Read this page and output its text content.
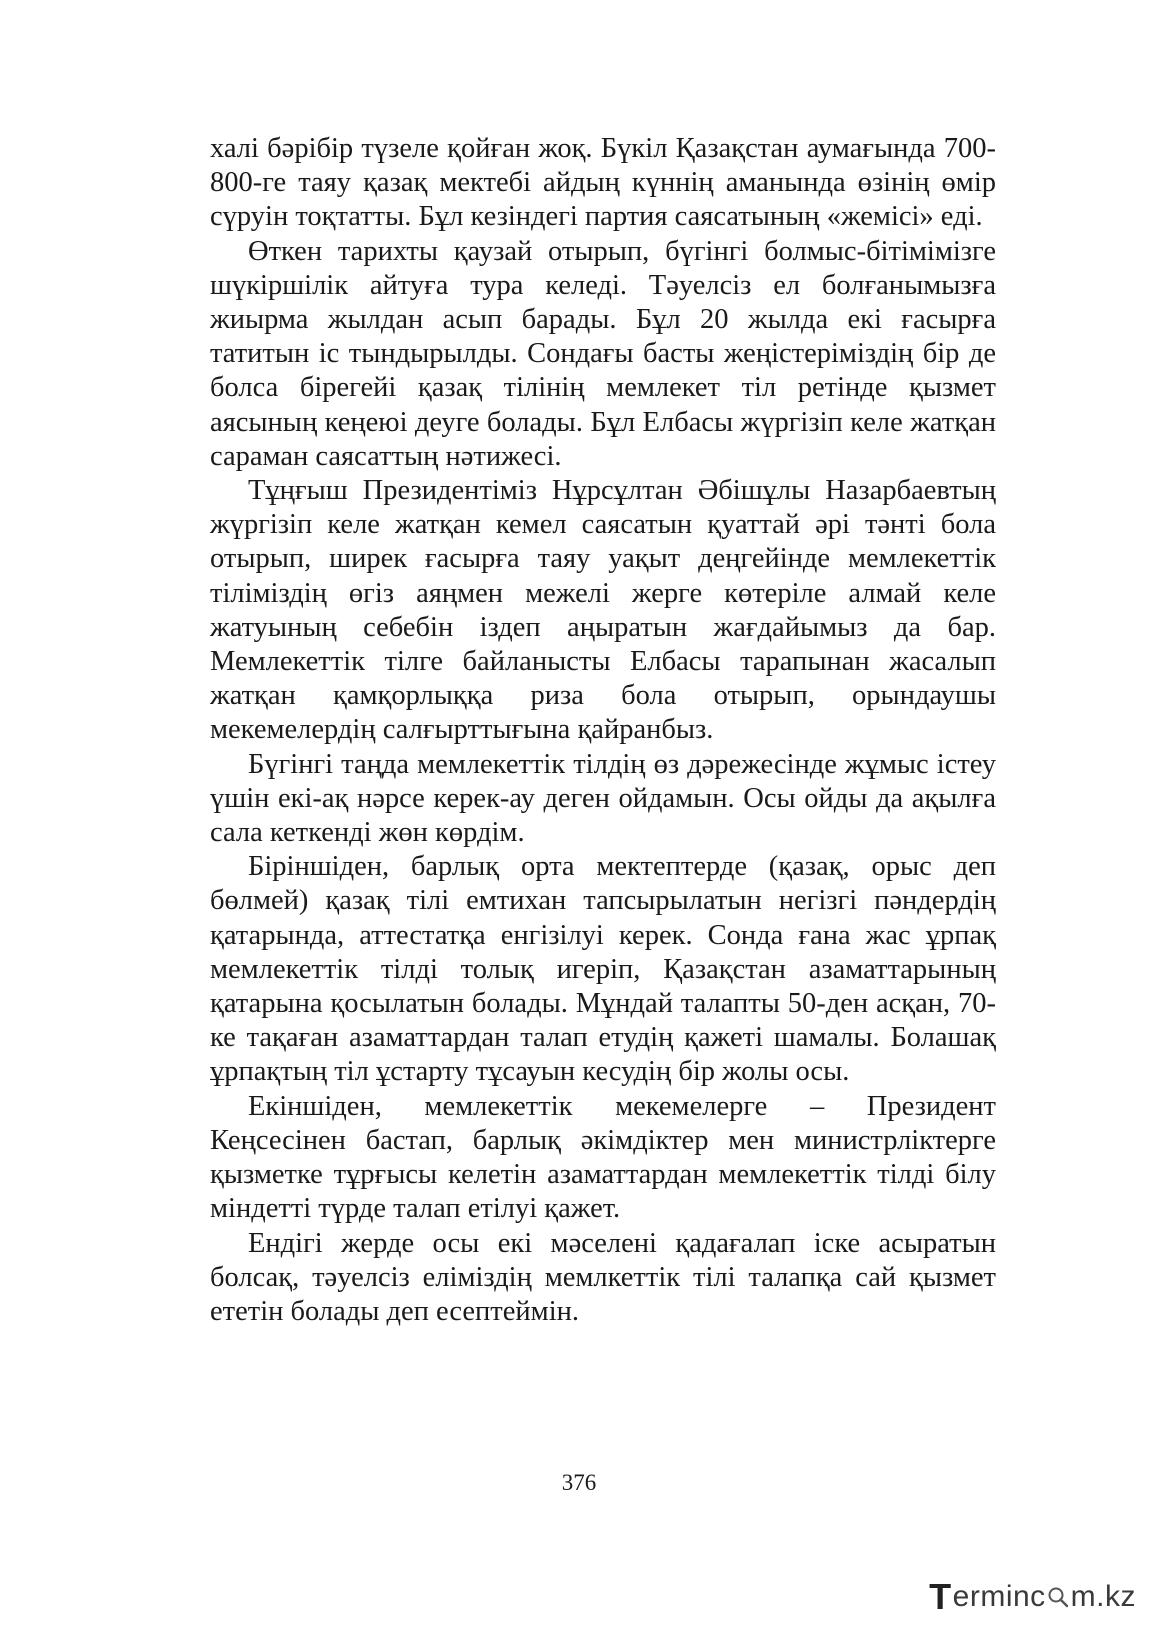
халі бәрібір түзеле қойған жоқ. Бүкіл Қазақстан аумағында 700-800-ге таяу қазақ мектебі айдың күннің аманында өзінің өмір сүруін тоқтатты. Бұл кезіндегі партия саясатының «жемісі» еді.

Өткен тарихты қаузай отырып, бүгінгі болмыс-бітімімізге шүкіршілік айтуға тура келеді. Тәуелсіз ел болғанымызға жиырма жылдан асып барады. Бұл 20 жылда екі ғасырға татитын іс тындырылды. Сондағы басты жеңістеріміздің бір де болса бірегейі қазақ тілінің мемлекет тіл ретінде қызмет аясының кеңеюі деуге болады. Бұл Елбасы жүргізіп келе жатқан сараман саясаттың нәтижесі.

Тұңғыш Президентіміз Нұрсұлтан Әбішұлы Назарбаевтың жүргізіп келе жатқан кемел саясатын қуаттай әрі тәнті бола отырып, ширек ғасырға таяу уақыт деңгейінде мемлекеттік тіліміздің өгіз аяңмен межелі жерге көтеріле алмай келе жатуының себебін іздеп аңыратын жағдайымыз да бар. Мемлекеттік тілге байланысты Елбасы тарапынан жасалып жатқан қамқорлыққа риза бола отырып, орындаушы мекемелердің салғырттығына қайранбыз.

Бүгінгі таңда мемлекеттік тілдің өз дәрежесінде жұмыс істеу үшін екі-ақ нәрсе керек-ау деген ойдамын. Осы ойды да ақылға сала кеткенді жөн көрдім.

Біріншіден, барлық орта мектептерде (қазақ, орыс деп бөлмей) қазақ тілі емтихан тапсырылатын негізгі пәндердің қатарында, аттестатқа енгізілуі керек. Сонда ғана жас ұрпақ мемлекеттік тілді толық игеріп, Қазақстан азаматтарының қатарына қосылатын болады. Мұндай талапты 50-ден асқан, 70-ке тақаған азаматтардан талап етудің қажеті шамалы. Болашақ ұрпақтың тіл ұстарту тұсауын кесудің бір жолы осы.

Екіншіден, мемлекеттік мекемелерге – Президент Кеңсесінен бастап, барлық әкімдіктер мен министрліктерге қызметке тұрғысы келетін азаматтардан мемлекеттік тілді білу міндетті түрде талап етілуі қажет.

Ендігі жерде осы екі мәселені қадағалап іске асыратын болсақ, тәуелсіз еліміздің мемлкеттік тілі талапқа сай қызмет ететін болады деп есептеймін.

376
T erminc m.kz
